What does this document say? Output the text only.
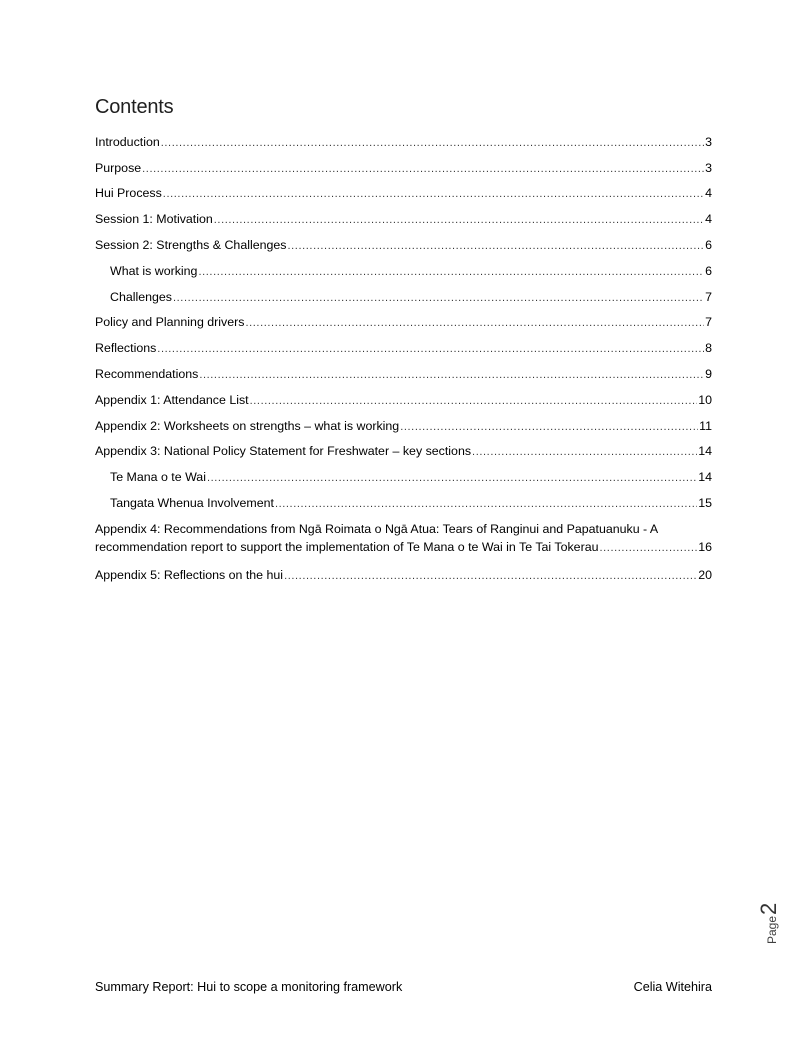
Contents
Introduction .....	3
Purpose .....	3
Hui Process .....	4
Session 1: Motivation .....	4
Session 2: Strengths & Challenges .....	6
What is working .....	6
Challenges .....	7
Policy and Planning drivers .....	7
Reflections .....	8
Recommendations .....	9
Appendix 1: Attendance List .....	10
Appendix 2: Worksheets on strengths – what is working .....	11
Appendix 3: National Policy Statement for Freshwater – key sections .....	14
Te Mana o te Wai .....	14
Tangata Whenua Involvement .....	15
Appendix 4: Recommendations from Ngā Roimata o Ngā Atua: Tears of Ranginui and Papatuanuku - A
recommendation report to support the implementation of Te Mana o te Wai in Te Tai Tokerau .....	16
Appendix 5: Reflections on the hui .....	20
Page
2
Summary Report: Hui to scope a monitoring framework	Celia Witehira
